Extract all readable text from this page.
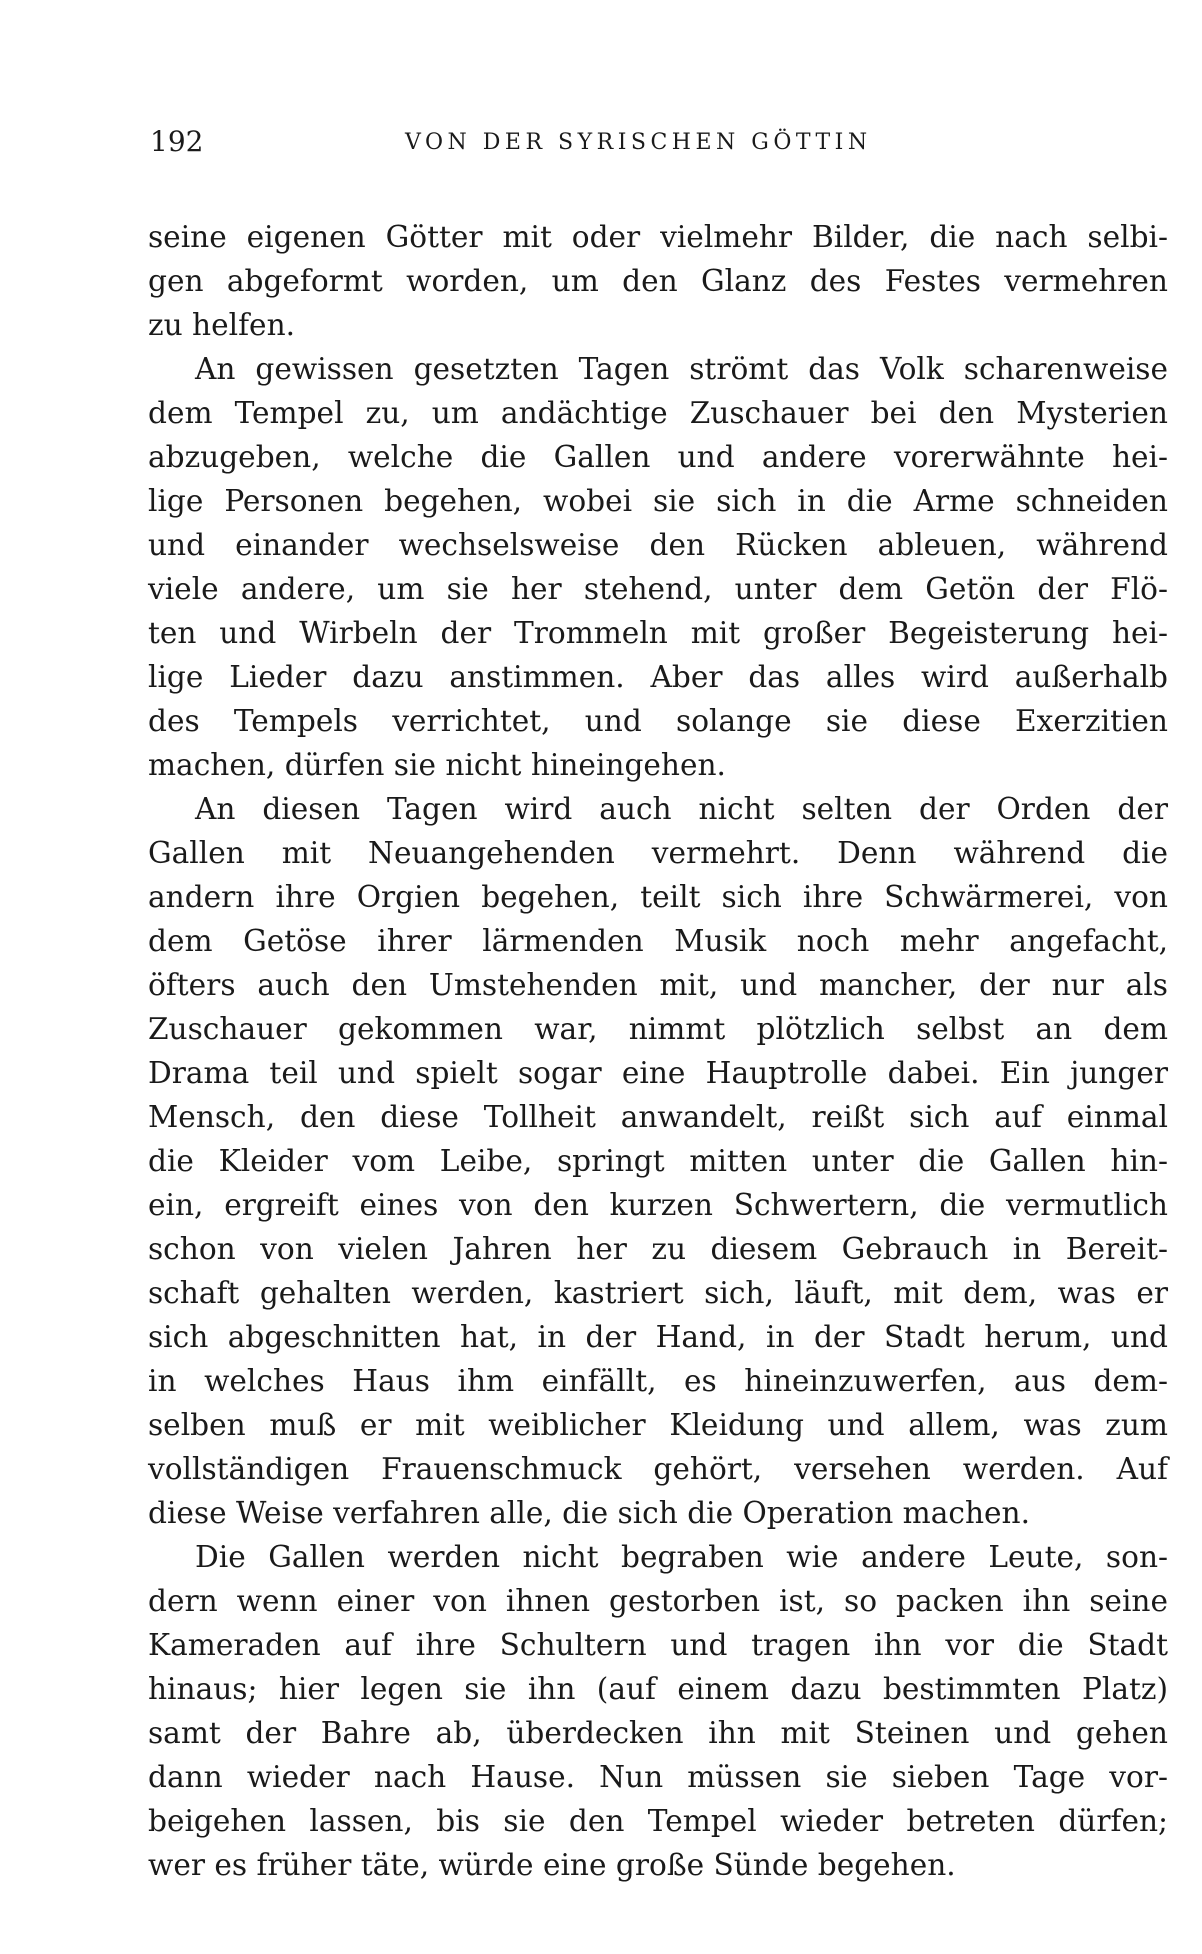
192	VON DER SYRISCHEN GÖTTIN
seine eigenen Götter mit oder vielmehr Bilder, die nach selbi-
gen abgeformt worden, um den Glanz des Festes vermehren
zu helfen.
An gewissen gesetzten Tagen strömt das Volk scharenweise
dem Tempel zu, um andächtige Zuschauer bei den Mysterien
abzugeben, welche die Gallen und andere vorerwähnte hei-
lige Personen begehen, wobei sie sich in die Arme schneiden
und einander wechselsweise den Rücken ableuen, während
viele andere, um sie her stehend, unter dem Getön der Flö-
ten und Wirbeln der Trommeln mit großer Begeisterung hei-
lige Lieder dazu anstimmen. Aber das alles wird außerhalb
des Tempels verrichtet, und solange sie diese Exerzitien
machen, dürfen sie nicht hineingehen.
An diesen Tagen wird auch nicht selten der Orden der
Gallen mit Neuangehenden vermehrt. Denn während die
andern ihre Orgien begehen, teilt sich ihre Schwärmerei, von
dem Getöse ihrer lärmenden Musik noch mehr angefacht,
öfters auch den Umstehenden mit, und mancher, der nur als
Zuschauer gekommen war, nimmt plötzlich selbst an dem
Drama teil und spielt sogar eine Hauptrolle dabei. Ein junger
Mensch, den diese Tollheit anwandelt, reißt sich auf einmal
die Kleider vom Leibe, springt mitten unter die Gallen hin-
ein, ergreift eines von den kurzen Schwertern, die vermutlich
schon von vielen Jahren her zu diesem Gebrauch in Bereit-
schaft gehalten werden, kastriert sich, läuft, mit dem, was er
sich abgeschnitten hat, in der Hand, in der Stadt herum, und
in welches Haus ihm einfällt, es hineinzuwerfen, aus dem-
selben muß er mit weiblicher Kleidung und allem, was zum
vollständigen Frauenschmuck gehört, versehen werden. Auf
diese Weise verfahren alle, die sich die Operation machen.
Die Gallen werden nicht begraben wie andere Leute, son-
dern wenn einer von ihnen gestorben ist, so packen ihn seine
Kameraden auf ihre Schultern und tragen ihn vor die Stadt
hinaus; hier legen sie ihn (auf einem dazu bestimmten Platz)
samt der Bahre ab, überdecken ihn mit Steinen und gehen
dann wieder nach Hause. Nun müssen sie sieben Tage vor-
beigehen lassen, bis sie den Tempel wieder betreten dürfen;
wer es früher täte, würde eine große Sünde begehen.
